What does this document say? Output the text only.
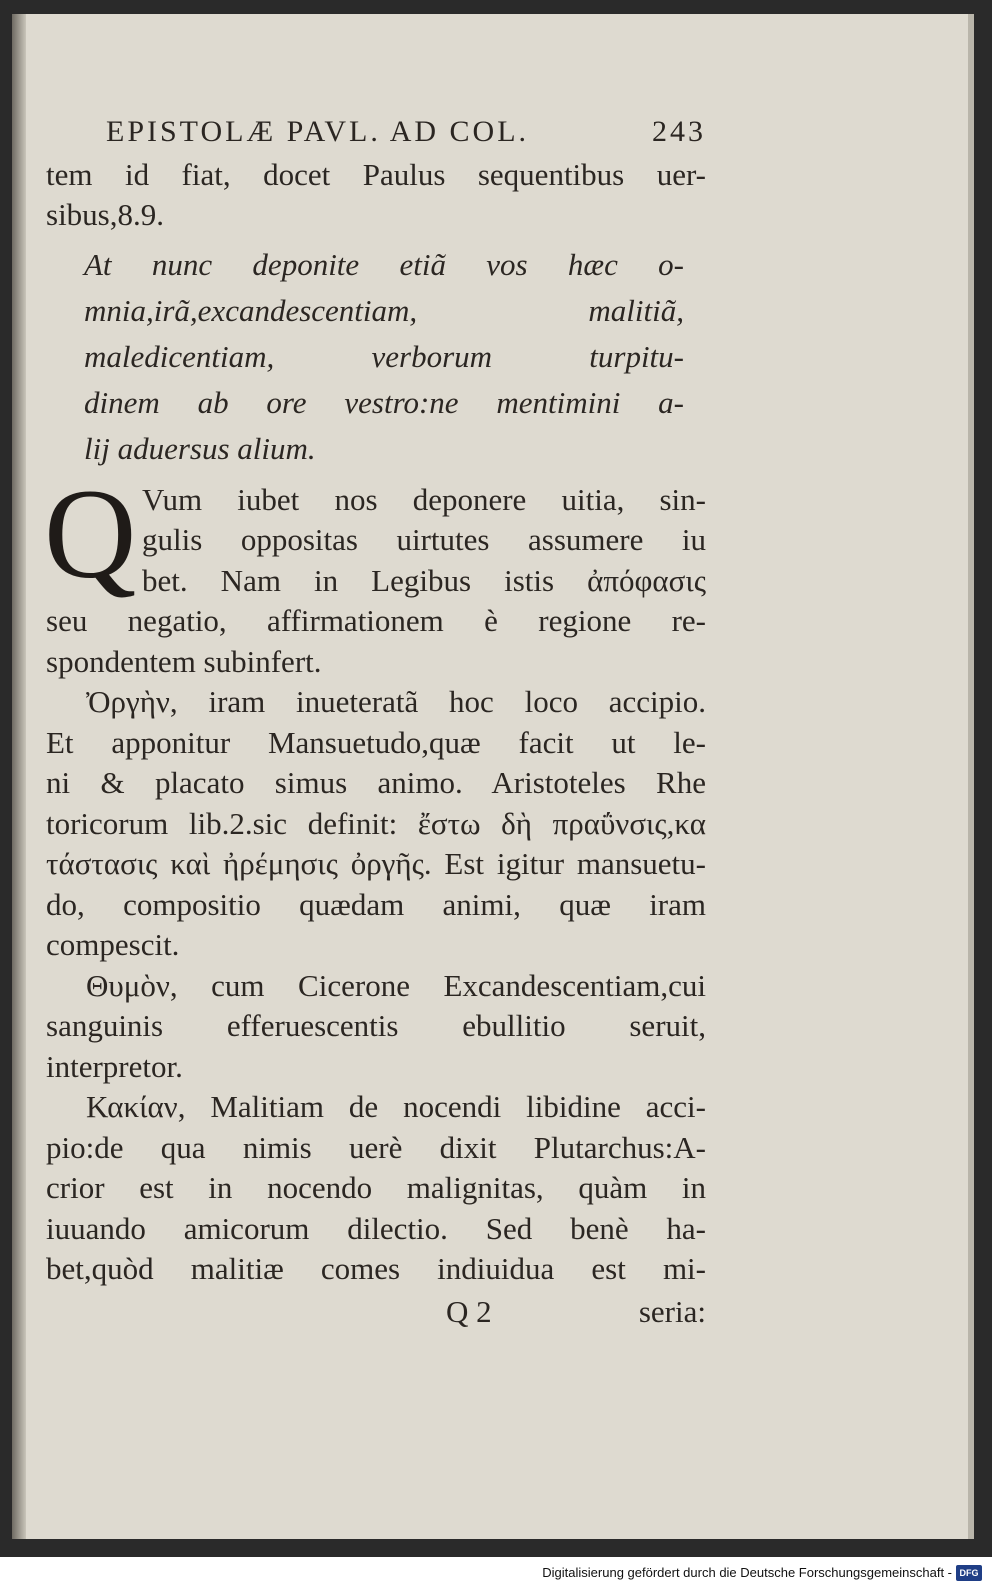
EPISTOLÆ PAVL. AD COL.	243
tem id fiat, docet Paulus sequentibus uer-
sibus,8.9.
At nunc deponite etiã vos hæc o-
mnia,irã,excandescentiam, malitiã,
maledicentiam, verborum turpitu-
dinem ab ore vestro:ne mentimini a-
lij aduersus alium.
Q Vum iubet nos deponere uitia, sin-
gulis oppositas uirtutes assumere iu
bet. Nam in Legibus istis ἀπόφασις
seu negatio, affirmationem è regione re-
spondentem subinfert.
Ὀργὴν, iram inueteratã hoc loco accipio.
Et apponitur Mansuetudo,quæ facit ut le-
ni & placato simus animo. Aristoteles Rhe
toricorum lib.2.sic definit: ἔστω δὴ πραΰνσις,κα
τάστασις καὶ ἠρέμησις ὀργῆς. Est igitur mansuetu-
do, compositio quædam animi, quæ iram
compescit.
Θυμὸν, cum Cicerone Excandescentiam,cui
sanguinis efferuescentis ebullitio seruit,
interpretor.
Κακίαν, Malitiam de nocendi libidine acci-
pio:de qua nimis uerè dixit Plutarchus:A-
crior est in nocendo malignitas, quàm in
iuuando amicorum dilectio. Sed benè ha-
bet,quòd malitiæ comes indiuidua est mi-
Q 2	seria:
Digitalisierung gefördert durch die Deutsche Forschungsgemeinschaft - DFG
